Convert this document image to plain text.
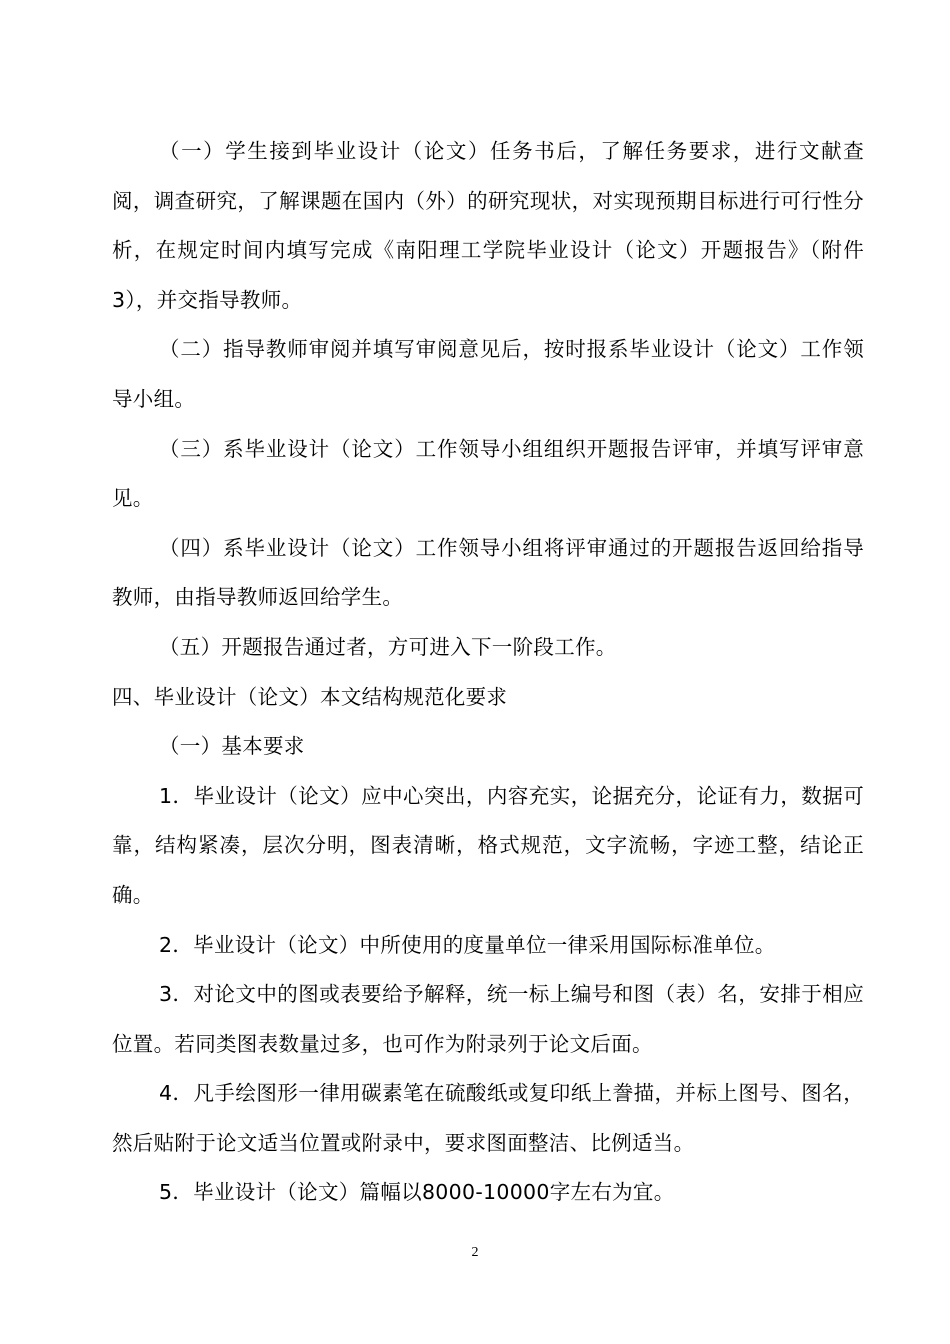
（一）学生接到毕业设计（论文）任务书后，了解任务要求，进行文献查阅，调查研究，了解课题在国内（外）的研究现状，对实现预期目标进行可行性分析，在规定时间内填写完成《南阳理工学院毕业设计（论文）开题报告》（附件3），并交指导教师。

（二）指导教师审阅并填写审阅意见后，按时报系毕业设计（论文）工作领导小组。

（三）系毕业设计（论文）工作领导小组组织开题报告评审，并填写评审意见。

（四）系毕业设计（论文）工作领导小组将评审通过的开题报告返回给指导教师，由指导教师返回给学生。

（五）开题报告通过者，方可进入下一阶段工作。

四、毕业设计（论文）本文结构规范化要求

（一）基本要求

1．毕业设计（论文）应中心突出，内容充实，论据充分，论证有力，数据可靠，结构紧凑，层次分明，图表清晰，格式规范，文字流畅，字迹工整，结论正确。

2．毕业设计（论文）中所使用的度量单位一律采用国际标准单位。

3．对论文中的图或表要给予解释，统一标上编号和图（表）名，安排于相应位置。若同类图表数量过多，也可作为附录列于论文后面。

4．凡手绘图形一律用碳素笔在硫酸纸或复印纸上誊描，并标上图号、图名，然后贴附于论文适当位置或附录中，要求图面整洁、比例适当。

5．毕业设计（论文）篇幅以8000-10000字左右为宜。

2
